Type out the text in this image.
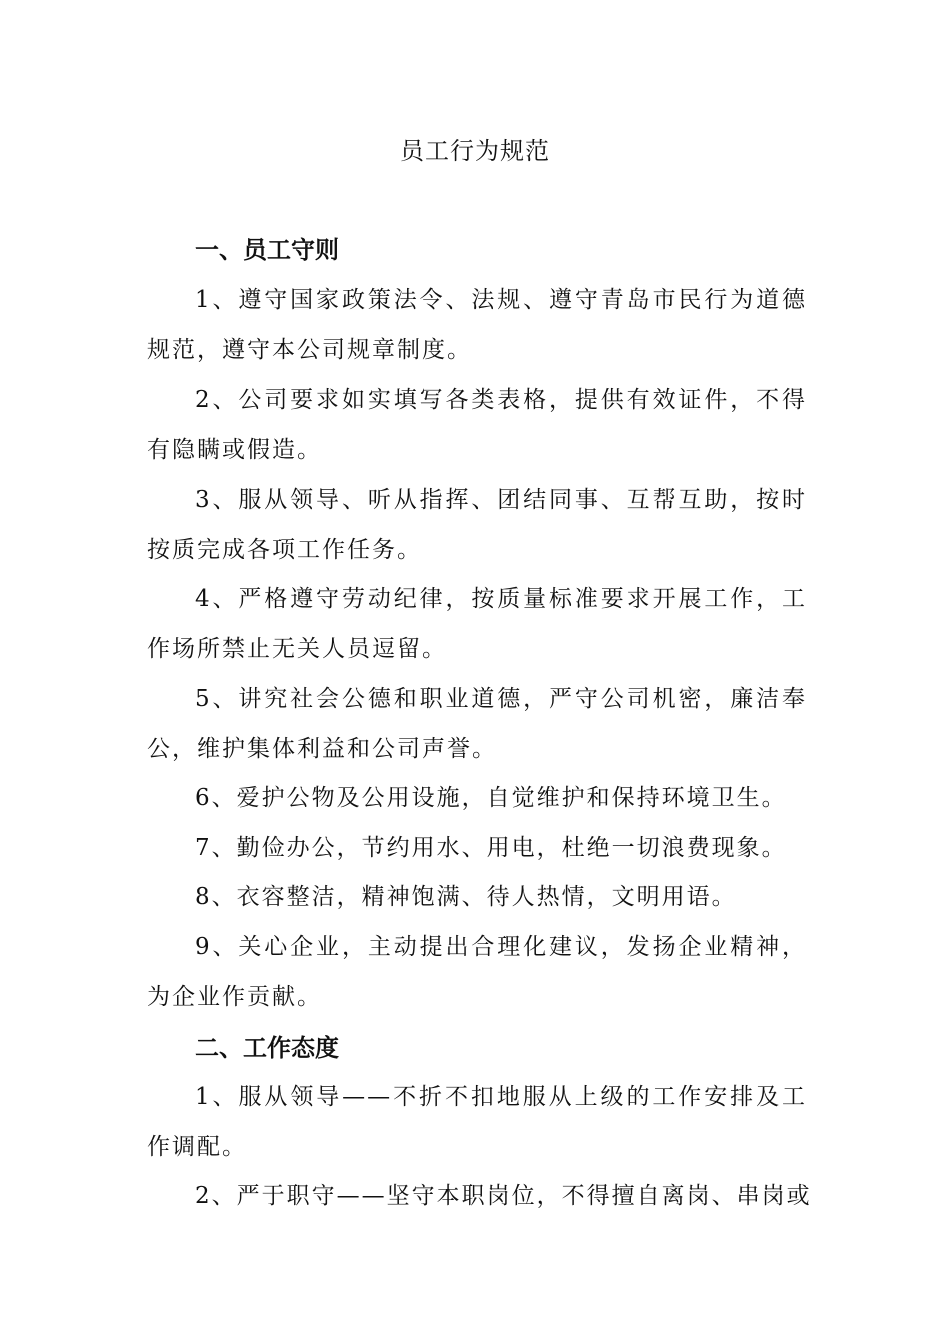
员工行为规范
一、员工守则

1、遵守国家政策法令、法规、遵守青岛市民行为道德规范，遵守本公司规章制度。

2、公司要求如实填写各类表格，提供有效证件，不得有隐瞒或假造。

3、服从领导、听从指挥、团结同事、互帮互助，按时按质完成各项工作任务。

4、严格遵守劳动纪律，按质量标准要求开展工作，工作场所禁止无关人员逗留。

5、讲究社会公德和职业道德，严守公司机密，廉洁奉公，维护集体利益和公司声誉。

6、爱护公物及公用设施，自觉维护和保持环境卫生。

7、勤俭办公，节约用水、用电，杜绝一切浪费现象。

8、衣容整洁，精神饱满、待人热情，文明用语。

9、关心企业，主动提出合理化建议，发扬企业精神，为企业作贡献。

二、工作态度

1、服从领导——不折不扣地服从上级的工作安排及工作调配。

2、严于职守——坚守本职岗位，不得擅自离岗、串岗或
